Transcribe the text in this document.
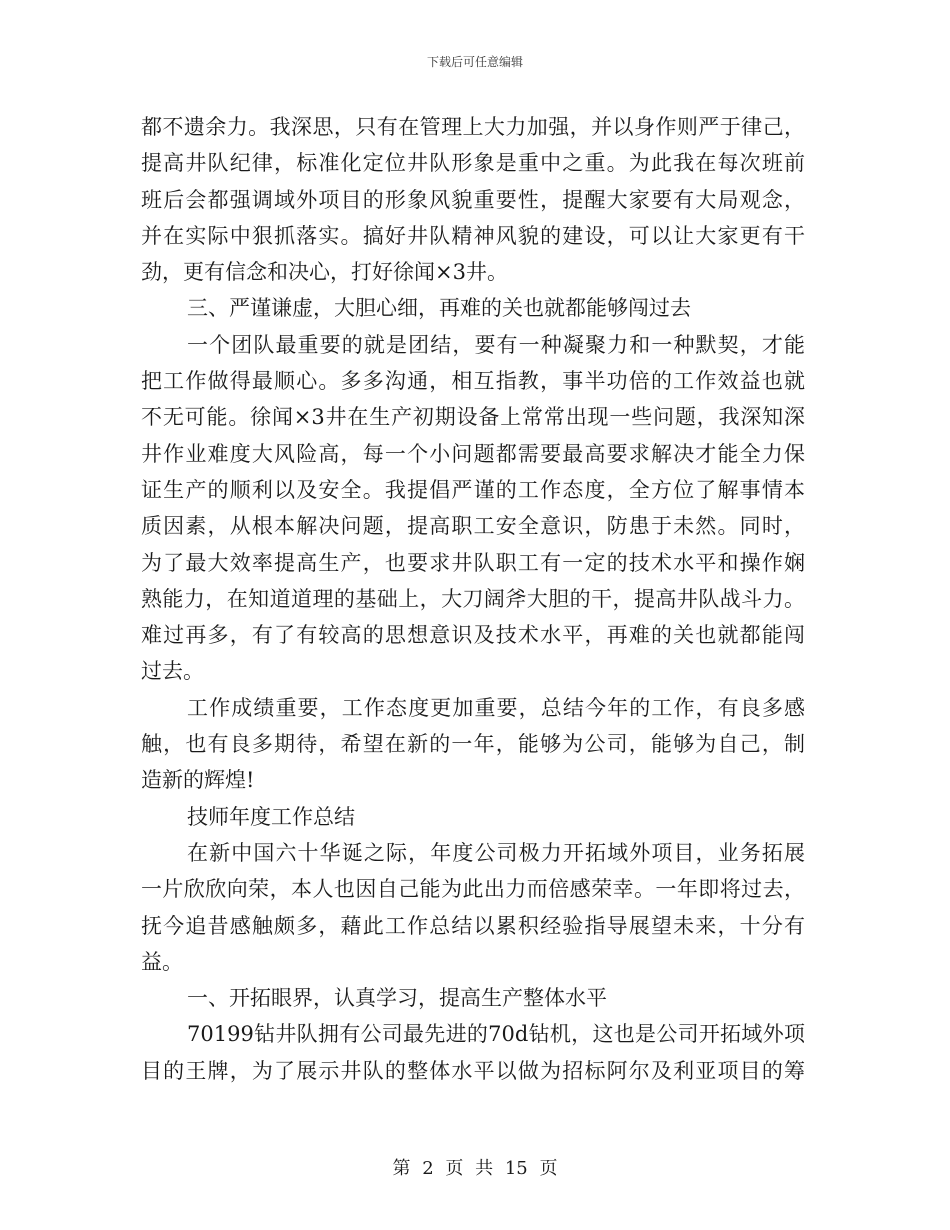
下载后可任意编辑
都不遗余力。我深思，只有在管理上大力加强，并以身作则严于律己，
提高井队纪律，标准化定位井队形象是重中之重。为此我在每次班前
班后会都强调域外项目的形象风貌重要性，提醒大家要有大局观念，
并在实际中狠抓落实。搞好井队精神风貌的建设，可以让大家更有干
劲，更有信念和决心，打好徐闻×3井。
三、严谨谦虚，大胆心细，再难的关也就都能够闯过去
一个团队最重要的就是团结，要有一种凝聚力和一种默契，才能
把工作做得最顺心。多多沟通，相互指教，事半功倍的工作效益也就
不无可能。徐闻×3井在生产初期设备上常常出现一些问题，我深知深
井作业难度大风险高，每一个小问题都需要最高要求解决才能全力保
证生产的顺利以及安全。我提倡严谨的工作态度，全方位了解事情本
质因素，从根本解决问题，提高职工安全意识，防患于未然。同时，
为了最大效率提高生产，也要求井队职工有一定的技术水平和操作娴
熟能力，在知道道理的基础上，大刀阔斧大胆的干，提高井队战斗力。
难过再多，有了有较高的思想意识及技术水平，再难的关也就都能闯
过去。
工作成绩重要，工作态度更加重要，总结今年的工作，有良多感
触，也有良多期待，希望在新的一年，能够为公司，能够为自己，制
造新的辉煌!
技师年度工作总结
在新中国六十华诞之际，年度公司极力开拓域外项目，业务拓展
一片欣欣向荣，本人也因自己能为此出力而倍感荣幸。一年即将过去，
抚今追昔感触颇多，藉此工作总结以累积经验指导展望未来，十分有
益。
一、开拓眼界，认真学习，提高生产整体水平
70199钻井队拥有公司最先进的70d钻机，这也是公司开拓域外项
目的王牌，为了展示井队的整体水平以做为招标阿尔及利亚项目的筹
第 2 页 共 15 页
